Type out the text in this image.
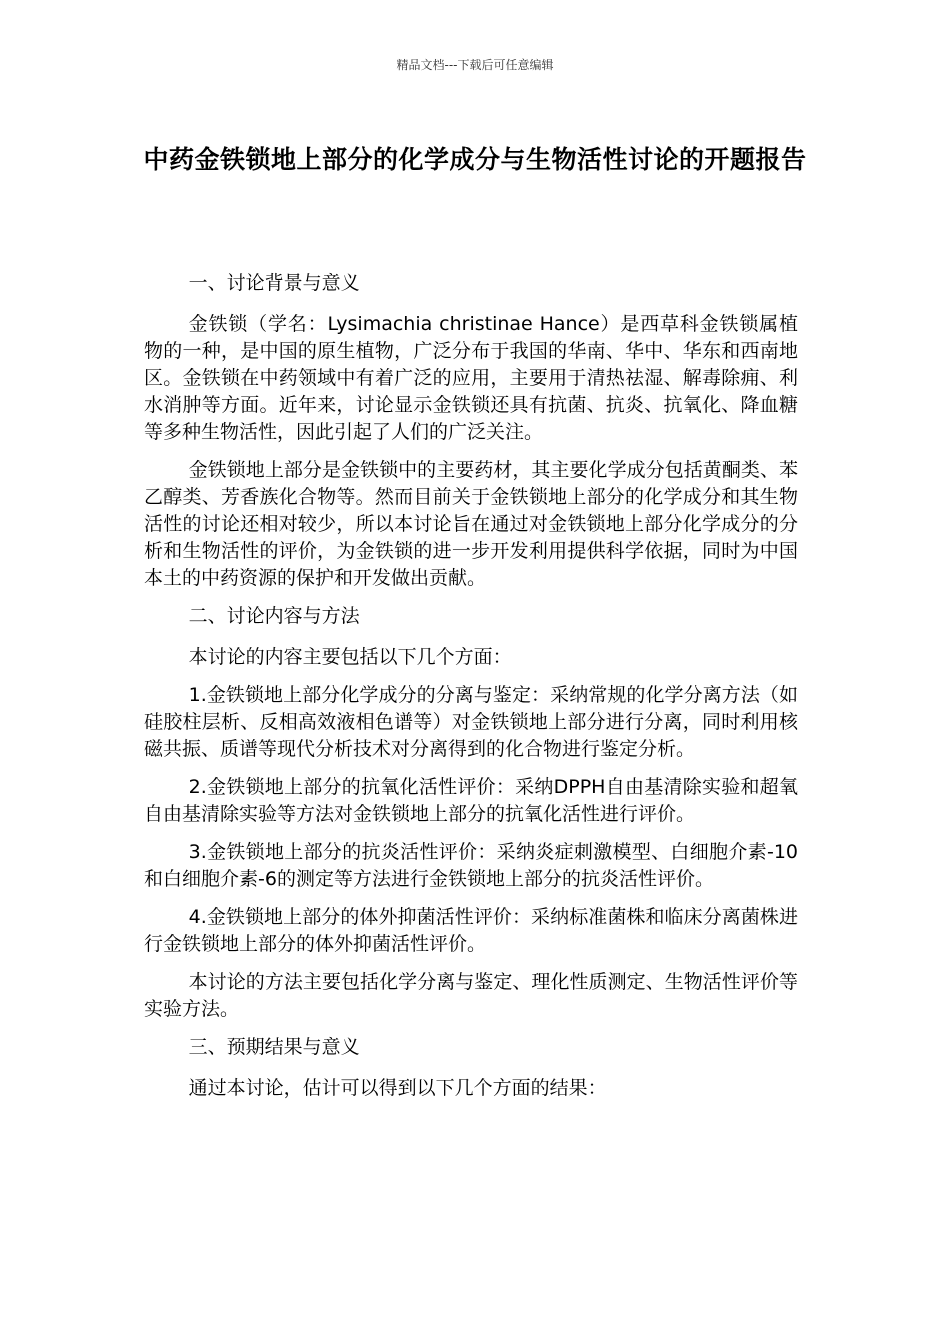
精品文档---下载后可任意编辑
中药金铁锁地上部分的化学成分与生物活性讨论的开题报告

一、讨论背景与意义

金铁锁（学名：Lysimachia christinae Hance）是西草科金铁锁属植物的一种，是中国的原生植物，广泛分布于我国的华南、华中、华东和西南地区。金铁锁在中药领域中有着广泛的应用，主要用于清热祛湿、解毒除痈、利水消肿等方面。近年来，讨论显示金铁锁还具有抗菌、抗炎、抗氧化、降血糖等多种生物活性，因此引起了人们的广泛关注。

金铁锁地上部分是金铁锁中的主要药材，其主要化学成分包括黄酮类、苯乙醇类、芳香族化合物等。然而目前关于金铁锁地上部分的化学成分和其生物活性的讨论还相对较少，所以本讨论旨在通过对金铁锁地上部分化学成分的分析和生物活性的评价，为金铁锁的进一步开发利用提供科学依据，同时为中国本土的中药资源的保护和开发做出贡献。

二、讨论内容与方法

本讨论的内容主要包括以下几个方面：

1.金铁锁地上部分化学成分的分离与鉴定：采纳常规的化学分离方法（如硅胶柱层析、反相高效液相色谱等）对金铁锁地上部分进行分离，同时利用核磁共振、质谱等现代分析技术对分离得到的化合物进行鉴定分析。

2.金铁锁地上部分的抗氧化活性评价：采纳DPPH自由基清除实验和超氧自由基清除实验等方法对金铁锁地上部分的抗氧化活性进行评价。

3.金铁锁地上部分的抗炎活性评价：采纳炎症刺激模型、白细胞介素-10和白细胞介素-6的测定等方法进行金铁锁地上部分的抗炎活性评价。

4.金铁锁地上部分的体外抑菌活性评价：采纳标准菌株和临床分离菌株进行金铁锁地上部分的体外抑菌活性评价。

本讨论的方法主要包括化学分离与鉴定、理化性质测定、生物活性评价等实验方法。

三、预期结果与意义

通过本讨论，估计可以得到以下几个方面的结果：
